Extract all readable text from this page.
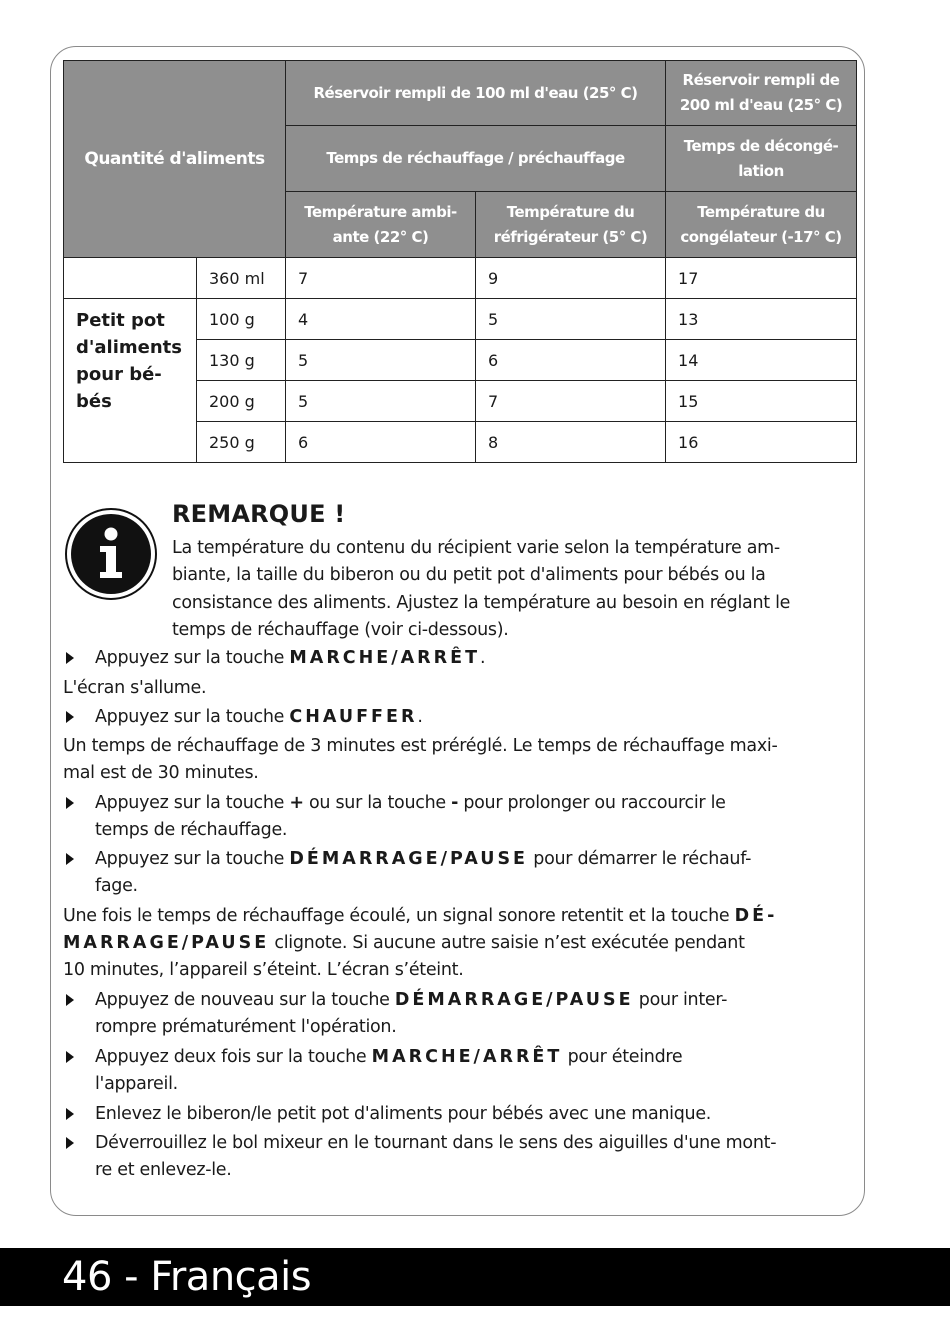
Quantité d'aliments		Réservoir rempli de 100 ml d'eau (25° C)		Réservoir rempli de 200 ml d'eau (25° C)
		Temps de réchauffage / préchauffage		Temps de décongé-lation
		Température ambi-ante (22° C)	Température du réfrigérateur (5° C)	Température du congélateur (-17° C)
	360 ml	7	9	17
Petit pot d'aliments pour bé-bés	100 g	4	5	13
	130 g	5	6	14
	200 g	5	7	15
	250 g	6	8	16
REMARQUE !
La température du contenu du récipient varie selon la température am-
biante, la taille du biberon ou du petit pot d'aliments pour bébés ou la
consistance des aliments. Ajustez la température au besoin en réglant le
temps de réchauffage (voir ci-dessous).
Appuyez sur la touche MARCHE/ARRÊT.
L'écran s'allume.
Appuyez sur la touche CHAUFFER.
Un temps de réchauffage de 3 minutes est préréglé. Le temps de réchauffage maxi-
mal est de 30 minutes.
Appuyez sur la touche + ou sur la touche - pour prolonger ou raccourcir le
temps de réchauffage.
Appuyez sur la touche DÉMARRAGE/PAUSE pour démarrer le réchauf-
fage.
Une fois le temps de réchauffage écoulé, un signal sonore retentit et la touche DÉ-
MARRAGE/PAUSE clignote. Si aucune autre saisie n’est exécutée pendant
10 minutes, l’appareil s’éteint. L’écran s’éteint.
Appuyez de nouveau sur la touche DÉMARRAGE/PAUSE pour inter-
rompre prématurément l'opération.
Appuyez deux fois sur la touche MARCHE/ARRÊT pour éteindre
l'appareil.
Enlevez le biberon/le petit pot d'aliments pour bébés avec une manique.
Déverrouillez le bol mixeur en le tournant dans le sens des aiguilles d'une mont-
re et enlevez-le.
46 - Français
